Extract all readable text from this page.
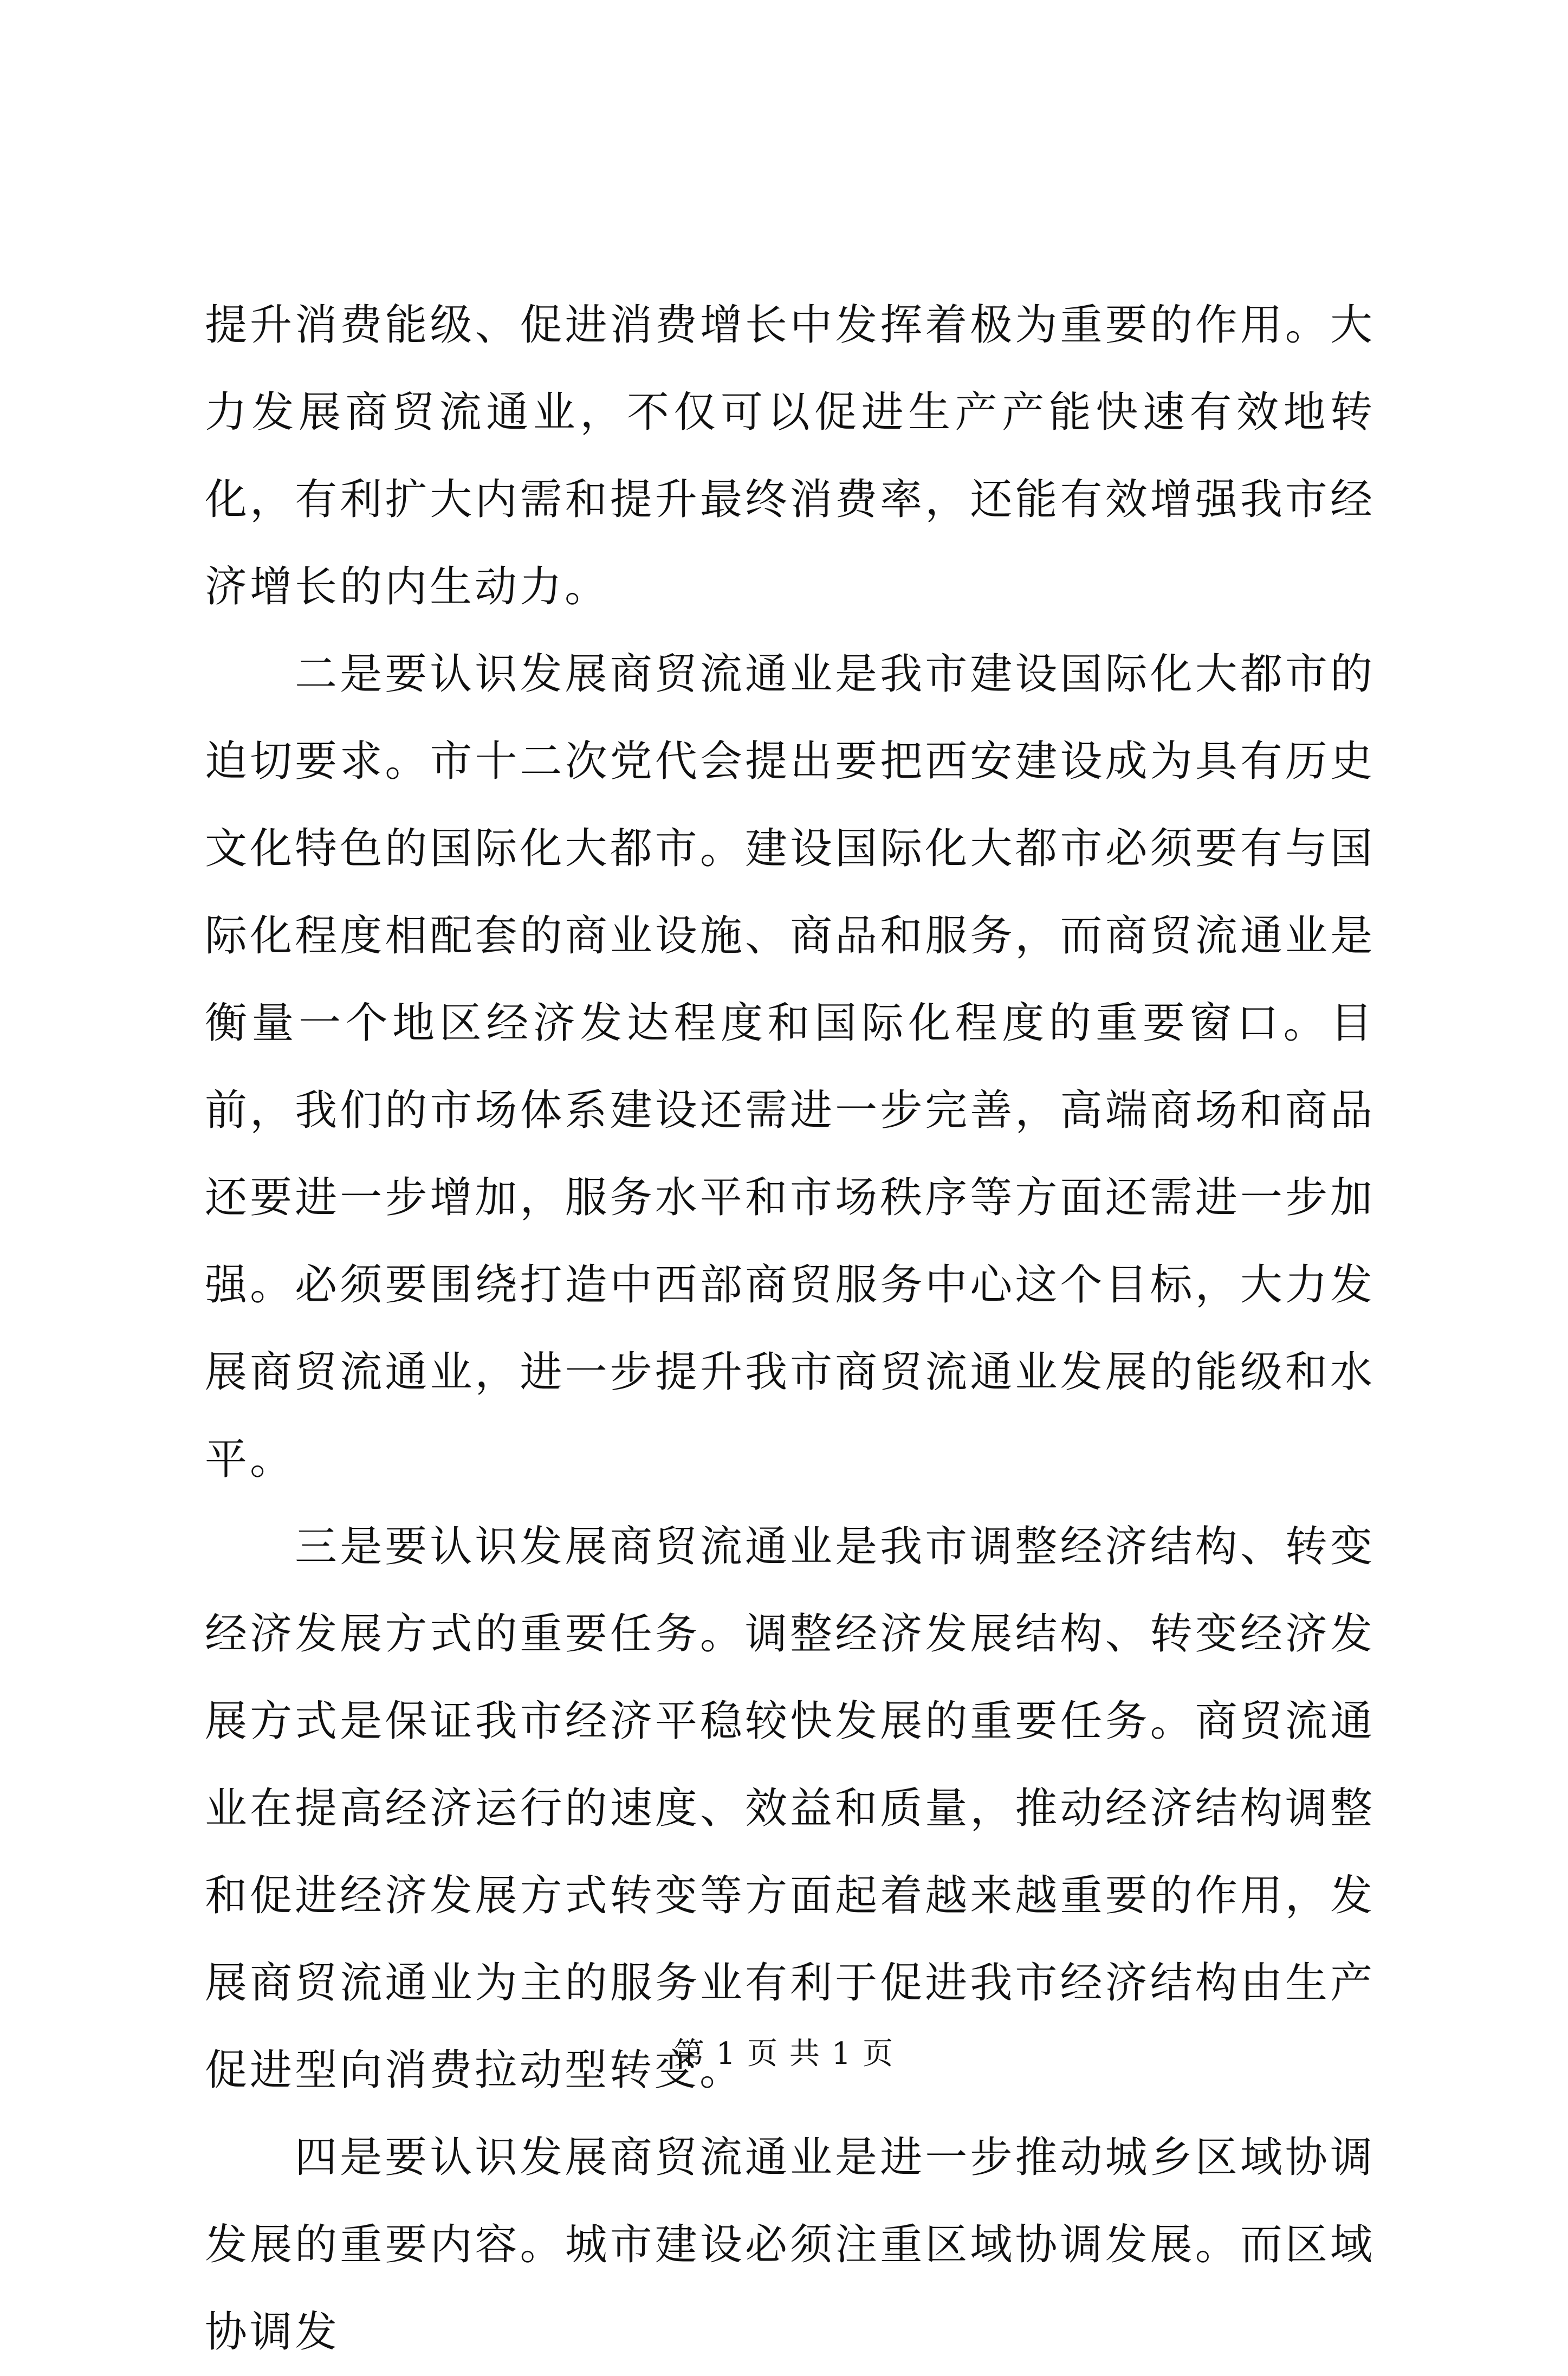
提升消费能级、促进消费增长中发挥着极为重要的作用。大力发展商贸流通业，不仅可以促进生产产能快速有效地转化，有利扩大内需和提升最终消费率，还能有效增强我市经济增长的内生动力。

二是要认识发展商贸流通业是我市建设国际化大都市的迫切要求。市十二次党代会提出要把西安建设成为具有历史文化特色的国际化大都市。建设国际化大都市必须要有与国际化程度相配套的商业设施、商品和服务，而商贸流通业是衡量一个地区经济发达程度和国际化程度的重要窗口。目前，我们的市场体系建设还需进一步完善，高端商场和商品还要进一步增加，服务水平和市场秩序等方面还需进一步加强。必须要围绕打造中西部商贸服务中心这个目标，大力发展商贸流通业，进一步提升我市商贸流通业发展的能级和水平。

三是要认识发展商贸流通业是我市调整经济结构、转变经济发展方式的重要任务。调整经济发展结构、转变经济发展方式是保证我市经济平稳较快发展的重要任务。商贸流通业在提高经济运行的速度、效益和质量，推动经济结构调整和促进经济发展方式转变等方面起着越来越重要的作用，发展商贸流通业为主的服务业有利于促进我市经济结构由生产促进型向消费拉动型转变。

四是要认识发展商贸流通业是进一步推动城乡区域协调发展的重要内容。城市建设必须注重区域协调发展。而区域协调发

第 1 页 共 1 页
